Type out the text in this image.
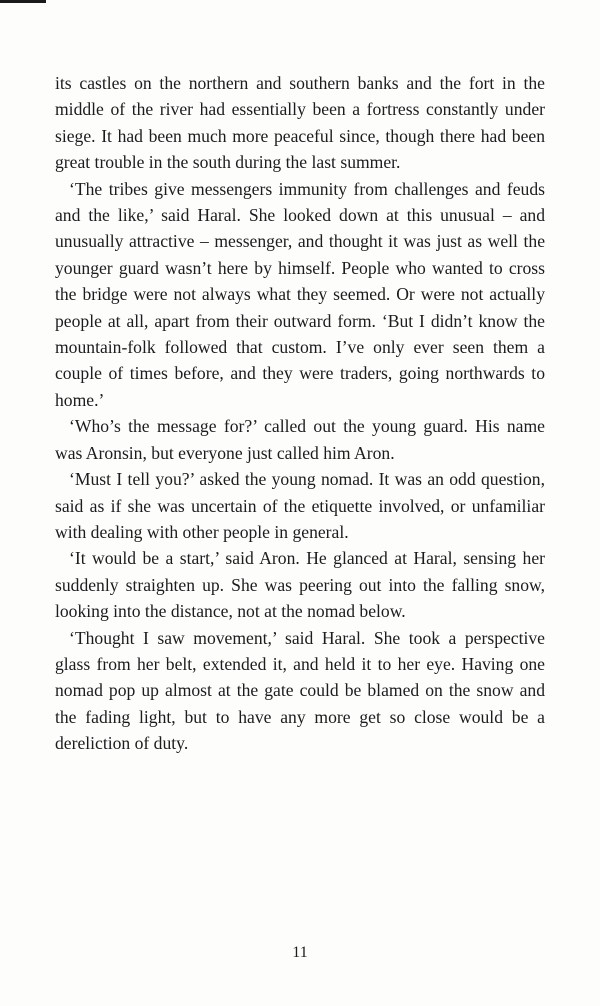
its castles on the northern and southern banks and the fort in the middle of the river had essentially been a fortress constantly under siege. It had been much more peaceful since, though there had been great trouble in the south during the last summer.

‘The tribes give messengers immunity from challenges and feuds and the like,’ said Haral. She looked down at this unusual – and unusually attractive – messenger, and thought it was just as well the younger guard wasn’t here by himself. People who wanted to cross the bridge were not always what they seemed. Or were not actually people at all, apart from their outward form. ‘But I didn’t know the mountain-folk followed that custom. I’ve only ever seen them a couple of times before, and they were traders, going northwards to home.’

‘Who’s the message for?’ called out the young guard. His name was Aronsin, but everyone just called him Aron.

‘Must I tell you?’ asked the young nomad. It was an odd question, said as if she was uncertain of the etiquette involved, or unfamiliar with dealing with other people in general.

‘It would be a start,’ said Aron. He glanced at Haral, sensing her suddenly straighten up. She was peering out into the falling snow, looking into the distance, not at the nomad below.

‘Thought I saw movement,’ said Haral. She took a perspective glass from her belt, extended it, and held it to her eye. Having one nomad pop up almost at the gate could be blamed on the snow and the fading light, but to have any more get so close would be a dereliction of duty.

11
